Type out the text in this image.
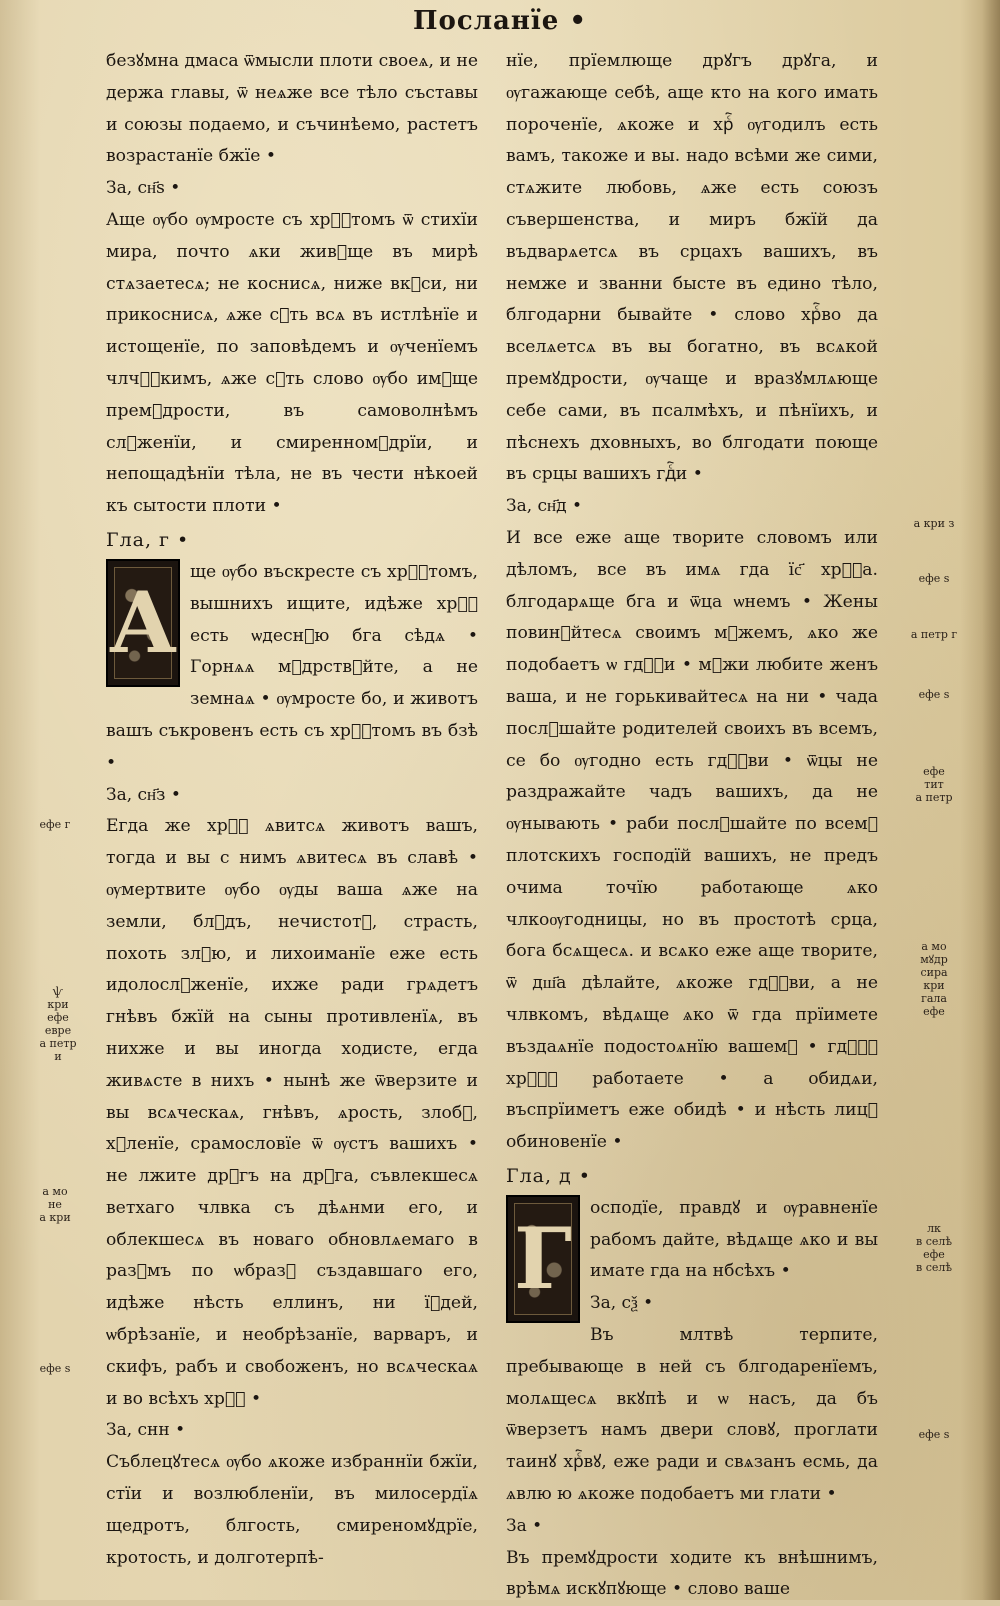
Посланїе •

безꙋмна дмаса ѿмысли плоти своеѧ, и не держа главы, ѿ неѧже все тѣло съставы и союзы подаемо, и съчинѣемо, растетъ возрастанїе бжїе •

За, сн҃ѕ •

Аще ѹбо ѹмросте съ хрⷭ҇томъ ѿ стихїи мира, почто ѧки живꙋще въ мирѣ стѧзаетесѧ; не коснисѧ, ниже вкꙋси, ни прикоснисѧ, ѧже сꙋть всѧ въ истлѣнїе и истощенїе, по заповѣдемъ и ѹченїемъ члчⷭ҇кимъ, ѧже сꙋть слово ѹбо имꙋще премꙋдрости, въ самоволнѣмъ слꙋженїи, и смиренномꙋдрїи, и непощадѣнїи тѣла, не въ чести нѣкоей къ сытости плоти •

Гла, г •

А

ще ѹбо въскресте съ хрⷭ҇томъ, вышнихъ ищите, идѣже хрⷭ҇ есть ѡдеснꙋю бга сѣдѧ • Горнѧѧ мꙋдрствꙋйте, а не земнаѧ • ѹмросте бо, и животъ вашъ съкровенъ есть съ хрⷭ҇томъ въ бзѣ •

За, сн҃з •

Егда же хрⷭ҇ ѧвитсѧ животъ вашъ, тогда и вы с нимъ ѧвитесѧ въ славѣ • ѹмертвите ѹбо ѹды ваша ѧже на земли, блꙋдъ, нечистотꙋ, страсть, похоть злꙋю, и лихоиманїе еже есть идолослꙋженїе, ихже ради грѧдетъ гнѣвъ бжїй на сыны противленїѧ, въ нихже и вы иногда ходисте, егда живѧсте в нихъ • нынѣ же ѿверзите и вы всѧческаѧ, гнѣвъ, ѧрость, злобꙋ, хꙋленїе, срамословїе ѿ ѹстъ вашихъ • не лжите дрꙋгъ на дрꙋга, съвлекшесѧ ветхаго члвка съ дѣѧнми его, и облекшесѧ въ новаго обновлѧемаго в разꙋмъ по ѡбразꙋ създавшаго его, идѣже нѣсть еллинъ, ни їꙋдей, ѡбрѣзанїе, и необрѣзанїе, варваръ, и скифъ, рабъ и свобоженъ, но всѧческаѧ и во всѣхъ хрⷭ҇ •

За, снн •

Съблецꙋтесѧ ѹбо ѧкоже избраннїи бжїи, стїи и возлюбленїи, въ милосердїѧ щедротъ, блгость, смиреномꙋдрїе, кротость, и долготерпѣ-

нїе, прїемлюще дрꙋгъ дрꙋга, и ѹгажающе себѣ, аще кто на кого имать пороченїе, ѧкоже и хрⷭ҇ ѹгодилъ есть вамъ, такоже и вы. надо всѣми же сими, стѧжите любовь, ѧже есть союзъ съвершенства, и миръ бжїй да въдварѧетсѧ въ срцахъ вашихъ, въ немже и званни бысте въ едино тѣло, блгодарни бывайте • слово хрⷭ҇во да вселѧетсѧ въ вы богатно, въ всѧкой премꙋдрости, ѹчаще и вразꙋмлѧюще себе сами, въ псалмѣхъ, и пѣнїихъ, и пѣснехъ дховныхъ, во блгодати поюще въ срцы вашихъ гдⷭ҇и •

За, сн҃д •

И все еже аще творите словомъ или дѣломъ, все въ имѧ гда їс҃ хрⷭ҇а. блгодарѧще бга и ѿца ѡнемъ • Жены повинꙋйтесѧ своимъ мꙋжемъ, ѧко же подобаетъ ѡ гдⷭ҇и • мꙋжи любите женъ ваша, и не горькивайтесѧ на ни • чада послꙋшайте родителей своихъ въ всемъ, се бо ѹгодно есть гдⷭ҇ви • ѿцы не раздражайте чадъ вашихъ, да не ѹнывають • раби послꙋшайте по всемꙋ плотскихъ господїй вашихъ, не предъ очима точїю работающе ѧко члкоѹгодницы, но въ простотѣ срца, бога бсѧщесѧ. и всѧко еже аще творите, ѿ дш҃а дѣлайте, ѧкоже гдⷭ҇ви, а не члвкомъ, вѣдѧще ѧко ѿ гда прїимете въздаѧнїе подостоѧнїю вашемꙋ • гдⷭ҇ꙋ хрⷭ҇ꙋ работаете • а обидѧи, въспрїиметъ еже обидѣ • и нѣсть лицꙋ обиновенїе •

Гла, д •

Г

осподїе, правдꙋ и ѹравненїе рабомъ дайте, вѣдѧще ѧко и вы имате гда на нбсѣхъ •

За, сѯ •

Въ млтвѣ терпите, пребывающе в ней съ блгодаренїемъ, молѧщесѧ вкꙋпѣ и ѡ насъ, да бъ ѿверзетъ намъ двери словꙋ, проглати таинꙋ хрⷭ҇вꙋ, еже ради и свѧзанъ есмь, да ѧвлю ю ѧкоже подобаетъ ми глати •

За •

Въ премꙋдрости ходите къ внѣшнимъ, врѣмѧ искꙋпꙋюще • слово ваше

ефе г
ѱ
кри
ефе
евре
а петр
и
а мо
не
а кри
ефе s
а кри з
ефе s
а петр г
ефе s
ефе
тит
а петр
а мо
мꙋдр
сира
кри
гала
ефе
лк
в селѣ
ефе
в селѣ
ефе s
